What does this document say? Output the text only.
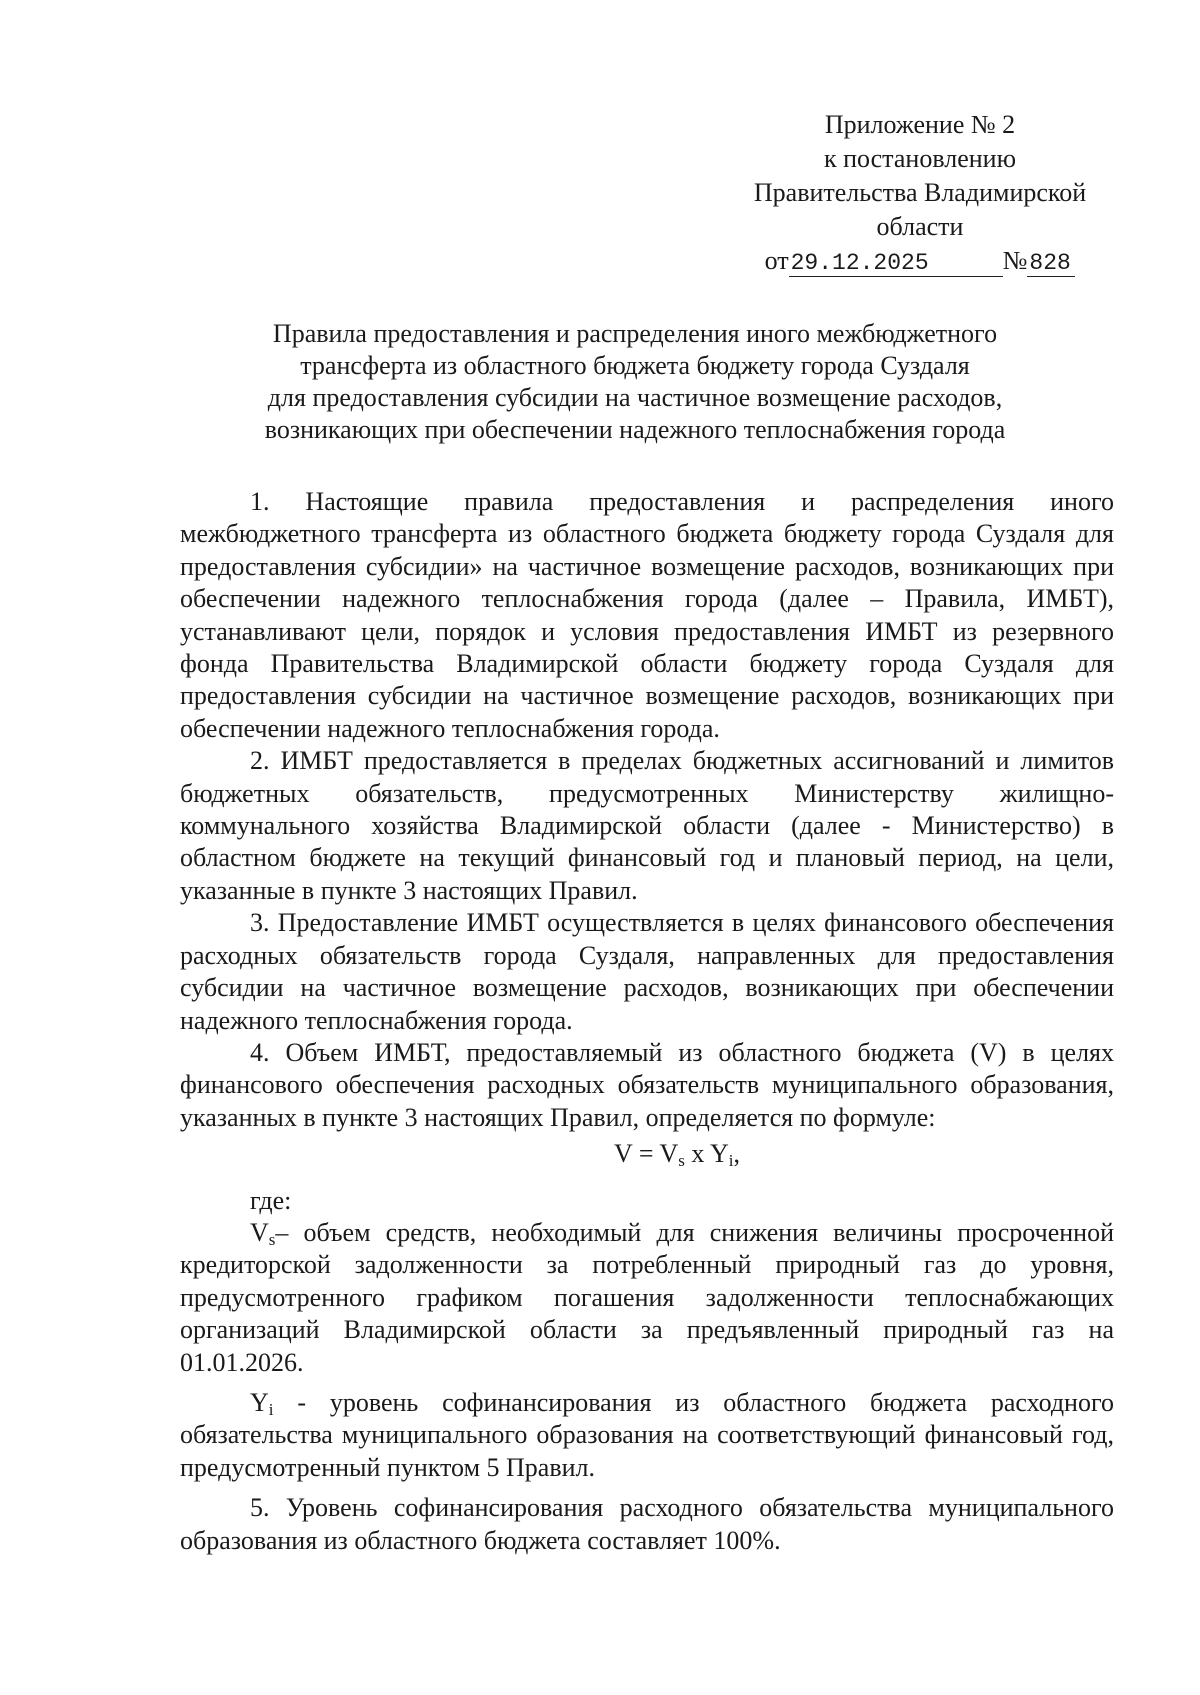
Приложение № 2
к постановлению
Правительства Владимирской
области
от29.12.2025	№828
Правила предоставления и распределения иного межбюджетного
трансферта из областного бюджета бюджету города Суздаля
для предоставления субсидии на частичное возмещение расходов,
возникающих при обеспечении надежного теплоснабжения города

1. Настоящие правила предоставления и распределения иного межбюджетного трансферта из областного бюджета бюджету города Суздаля для предоставления субсидии» на частичное возмещение расходов, возникающих при обеспечении надежного теплоснабжения города (далее – Правила, ИМБТ), устанавливают цели, порядок и условия предоставления ИМБТ из резервного фонда Правительства Владимирской области бюджету города Суздаля для предоставления субсидии на частичное возмещение расходов, возникающих при обеспечении надежного теплоснабжения города.

2. ИМБТ предоставляется в пределах бюджетных ассигнований и лимитов бюджетных обязательств, предусмотренных Министерству жилищно-коммунального хозяйства Владимирской области (далее - Министерство) в областном бюджете на текущий финансовый год и плановый период, на цели, указанные в пункте 3 настоящих Правил.

3. Предоставление ИМБТ осуществляется в целях финансового обеспечения расходных обязательств города Суздаля, направленных для предоставления субсидии на частичное возмещение расходов, возникающих при обеспечении надежного теплоснабжения города.

4. Объем ИМБТ, предоставляемый из областного бюджета (V) в целях финансового обеспечения расходных обязательств муниципального образования, указанных в пункте 3 настоящих Правил, определяется по формуле:

$V = V_s$ x $Y_i$,

где:

$V_s-$ объем средств, необходимый для снижения величины просроченной кредиторской задолженности за потребленный природный газ до уровня, предусмотренного графиком погашения задолженности теплоснабжающих организаций Владимирской области за предъявленный природный газ на 01.01.2026.

$Y_i$ - уровень софинансирования из областного бюджета расходного обязательства муниципального образования на соответствующий финансовый год, предусмотренный пунктом 5 Правил.

5. Уровень софинансирования расходного обязательства муниципального образования из областного бюджета составляет 100%.
